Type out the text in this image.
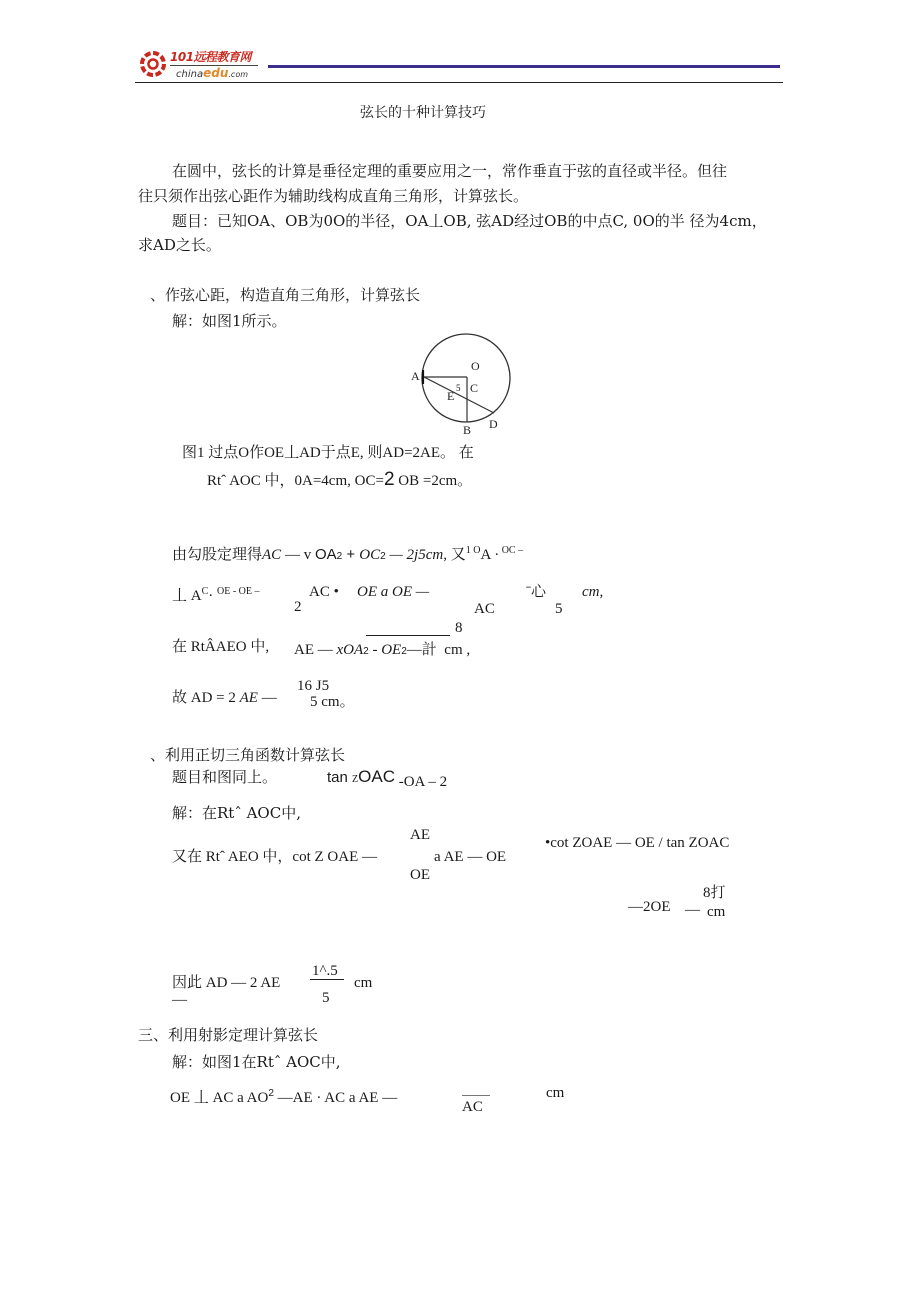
101远程教育网
chinaedu.com
弦长的十种计算技巧
在圆中，弦长的计算是垂径定理的重要应用之一，常作垂直于弦的直径或半径。但往
往只须作出弦心距作为辅助线构成直角三角形，计算弦长。
题目：已知OA、OB为0O的半径，OA丄OB, 弦AD经过OB的中点C, 0O的半 径为4cm，
求AD之长。
、作弦心距，构造直角三角形，计算弦长
解：如图1所示。
A
O
5 C
E
B D
图1 过点O作OE丄AD于点E, 则AD=2AE。 在
Rtˆ AOC 中，0A=4cm, OC=2 OB =2cm。
由勾股定理得AC — v OA2 + OC2 — 2j5cm, 又$^{1 O}$A · $^{OC -}$
丄 $A^C\cdot ^{OE - OE -}$	AC • OE a OE —	ˉ心 cm,
2	AC	5
8
在 RtÂAEO 中, AE — xOA2 - OE2—計 cm ,
16 J5
故 AD = 2 AE — 5 cm。
、利用正切三角函数计算弦长
题目和图同上。	tan ZOAC -OA – 2
解：在Rtˆ AOC中,
AE
又在 Rtˆ AEO 中，cot Z OAE —	a AE — OE
OE
•cot ZOAE — OE / tan ZOAC
8打
—2OE — cm
1^.5
因此 AD — 2 AE	cm
5
—
三、利用射影定理计算弦长
解：如图1在Rtˆ AOC中,
OE 丄 AC a $AO^2$ —AE · AC a AE —
AC
cm
